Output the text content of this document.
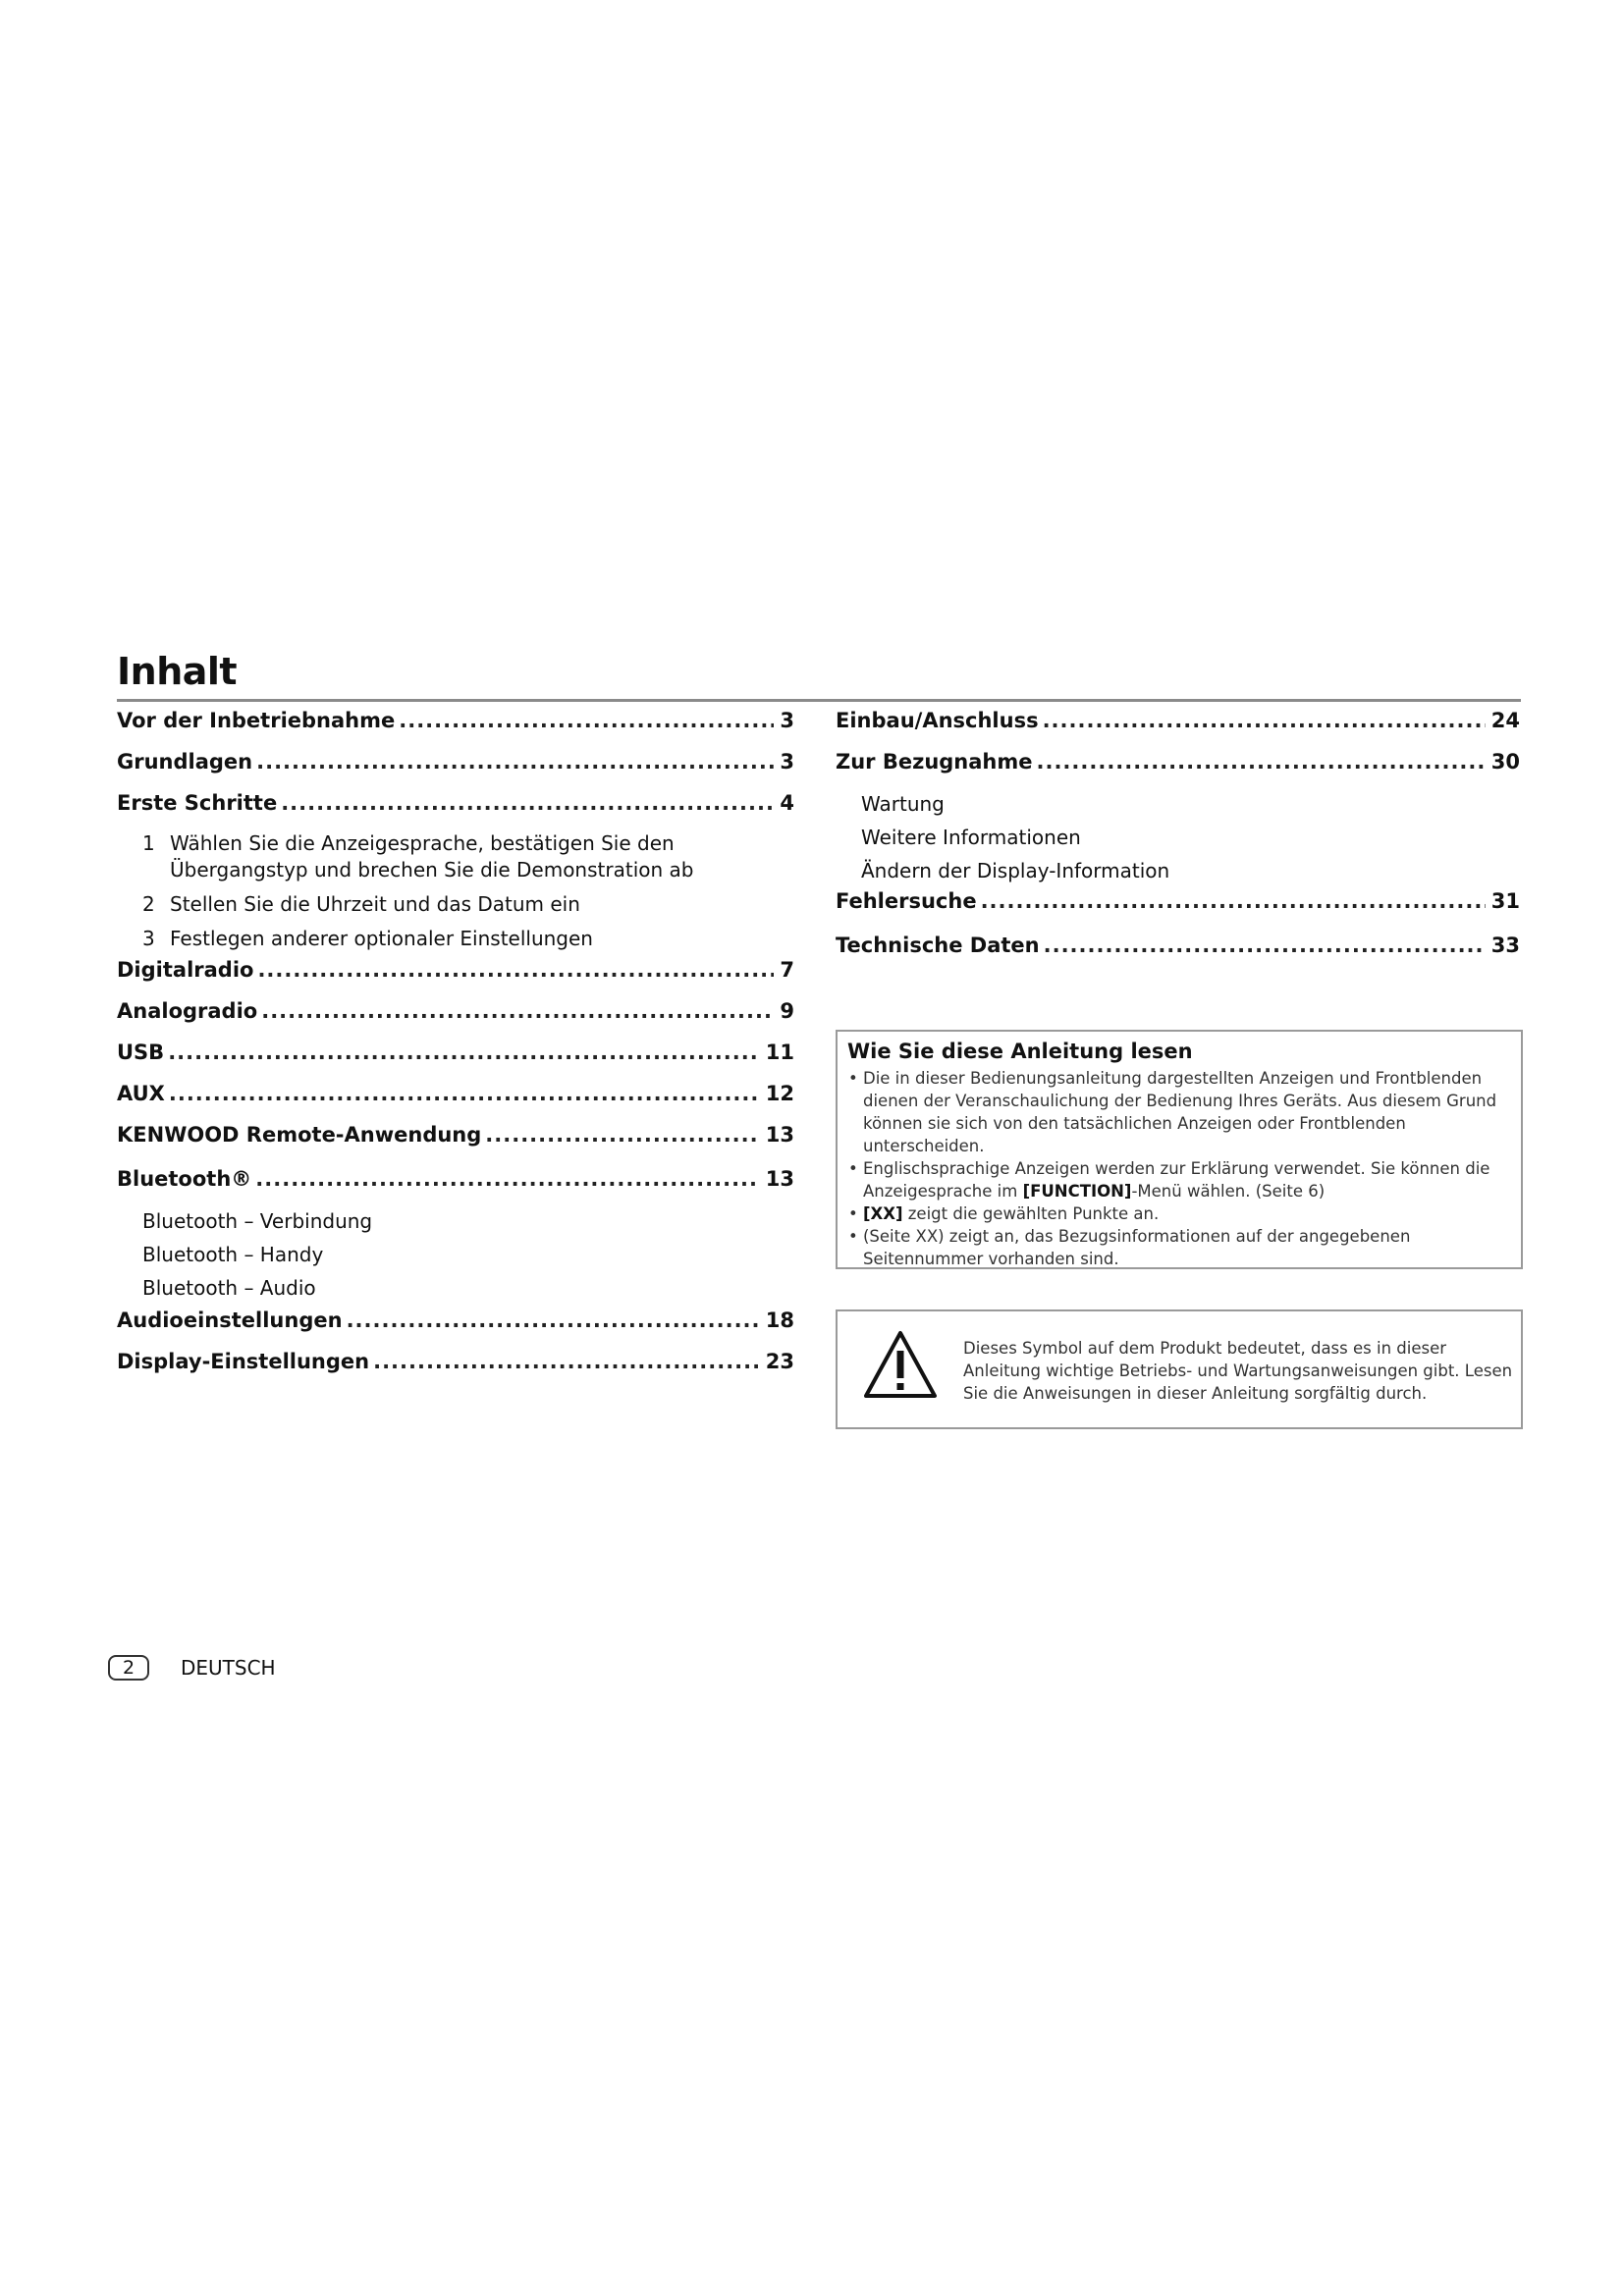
Inhalt
Vor der Inbetriebnahme .....	3
Grundlagen .....	3
Erste Schritte .....	4
1 Wählen Sie die Anzeigesprache, bestätigen Sie den Übergangstyp und brechen Sie die Demonstration ab
2 Stellen Sie die Uhrzeit und das Datum ein
3 Festlegen anderer optionaler Einstellungen
Digitalradio .....	7
Analogradio .....	9
USB .....	11
AUX .....	12
KENWOOD Remote-Anwendung .....	13
Bluetooth® .....	13
Bluetooth – Verbindung
Bluetooth – Handy
Bluetooth – Audio
Audioeinstellungen .....	18
Display-Einstellungen .....	23
Einbau/Anschluss .....	24
Zur Bezugnahme .....	30
Wartung
Weitere Informationen
Ändern der Display-Information
Fehlersuche .....	31
Technische Daten .....	33
Wie Sie diese Anleitung lesen
• Die in dieser Bedienungsanleitung dargestellten Anzeigen und Frontblenden dienen der Veranschaulichung der Bedienung Ihres Geräts. Aus diesem Grund können sie sich von den tatsächlichen Anzeigen oder Frontblenden unterscheiden.
• Englischsprachige Anzeigen werden zur Erklärung verwendet. Sie können die Anzeigesprache im [FUNCTION]-Menü wählen. (Seite 6)
• [XX] zeigt die gewählten Punkte an.
• (Seite XX) zeigt an, das Bezugsinformationen auf der angegebenen Seitennummer vorhanden sind.
Dieses Symbol auf dem Produkt bedeutet, dass es in dieser Anleitung wichtige Betriebs- und Wartungsanweisungen gibt. Lesen Sie die Anweisungen in dieser Anleitung sorgfältig durch.
2	DEUTSCH
